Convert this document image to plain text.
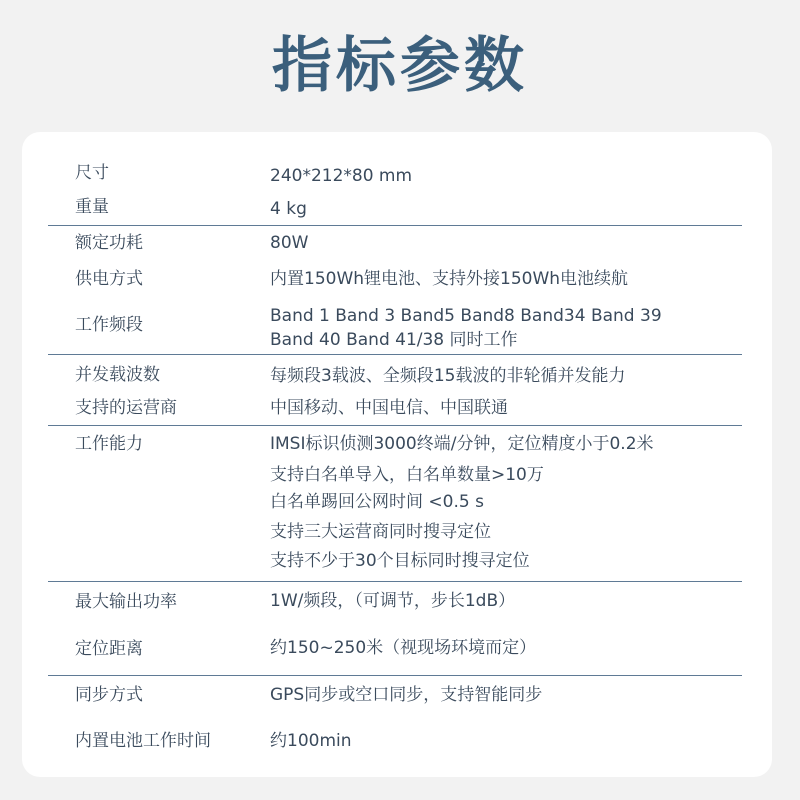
指标参数
尺寸	240*212*80 mm
重量	4 kg
额定功耗	80W
供电方式	内置150Wh锂电池、支持外接150Wh电池续航
工作频段	Band 1 Band 3 Band5 Band8 Band34 Band 39
Band 40 Band 41/38 同时工作
并发载波数	每频段3载波、全频段15载波的非轮循并发能力
支持的运营商	中国移动、中国电信、中国联通
工作能力	IMSI标识侦测3000终端/分钟，定位精度小于0.2米
支持白名单导入，白名单数量>10万
白名单踢回公网时间 <0.5 s
支持三大运营商同时搜寻定位
支持不少于30个目标同时搜寻定位
最大输出功率	1W/频段，（可调节，步长1dB）
定位距离	约150~250米（视现场环境而定）
同步方式	GPS同步或空口同步，支持智能同步
内置电池工作时间	约100min
